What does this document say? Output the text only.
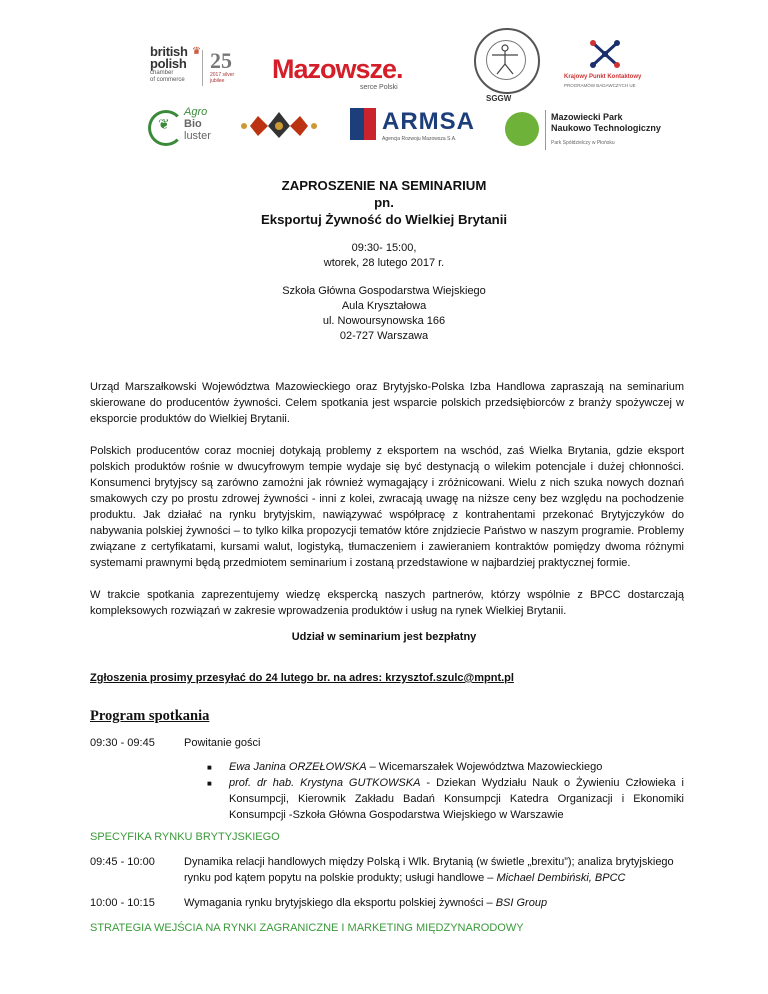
british
polish
chamber
of commerce
♛ 25
2017 silver jubilee	Mazowsze.
serce Polski
SGGW
Krajowy Punkt Kontaktowy
PROGRAMÓW BADAWCZYCH UE
❦
Agro
Bio
luster
ARMSA
Agencja Rozwoju Mazowsza S.A.
Mazowiecki Park
Naukowo Technologiczny
Park Spółdzielczy w Płońsku
ZAPROSZENIE NA SEMINARIUM
pn.
Eksportuj Żywność do Wielkiej Brytanii
09:30- 15:00,
wtorek, 28 lutego 2017 r.
Szkoła Główna Gospodarstwa Wiejskiego
Aula Kryształowa
ul. Nowoursynowska 166
02-727 Warszawa
Urząd Marszałkowski Województwa Mazowieckiego oraz Brytyjsko-Polska Izba Handlowa zapraszają na seminarium skierowane do producentów żywności. Celem spotkania jest wsparcie polskich przedsiębiorców z branży spożywczej w eksporcie produktów do Wielkiej Brytanii.
Polskich producentów coraz mocniej dotykają problemy z eksportem na wschód, zaś Wielka Brytania, gdzie eksport polskich produktów rośnie w dwucyfrowym tempie wydaje się być destynacją o wilekim potencjale i dużej chłonności. Konsumenci brytyjscy są zarówno zamożni jak również wymagający i zróżnicowani. Wielu z nich szuka nowych doznań smakowych czy po prostu zdrowej żywności - inni z kolei, zwracają uwagę na niższe ceny bez względu na pochodzenie produktu. Jak działać na rynku brytyjskim, nawiązywać współpracę z kontrahentami przekonać Brytyjczyków do nabywania polskiej żywności – to tylko kilka propozycji tematów które znjdziecie Państwo w naszym programie. Problemy związane z certyfikatami, kursami walut, logistyką, tłumaczeniem i zawieraniem kontraktów pomiędzy dwoma różnymi systemami prawnymi będą przedmiotem seminarium i zostaną przedstawione w najbardziej praktycznej formie.
W trakcie spotkania zaprezentujemy wiedzę ekspercką naszych partnerów, którzy wspólnie z BPCC dostarczają kompleksowych rozwiązań w zakresie wprowadzenia produktów i usług na rynek Wielkiej Brytanii.
Udział w seminarium jest bezpłatny
Zgłoszenia prosimy przesyłać do 24 lutego br. na adres: krzysztof.szulc@mpnt.pl
Program spotkania
09:30 - 09:45	Powitanie gości
■ Ewa Janina ORZEŁOWSKA – Wicemarszałek Województwa Mazowieckiego
■ prof. dr hab. Krystyna GUTKOWSKA - Dziekan Wydziału Nauk o Żywieniu Człowieka i Konsumpcji, Kierownik Zakładu Badań Konsumpcji Katedra Organizacji i Ekonomiki Konsumpcji -Szkoła Główna Gospodarstwa Wiejskiego w Warszawie
SPECYFIKA RYNKU BRYTYJSKIEGO
09:45 - 10:00	Dynamika relacji handlowych między Polską i Wlk. Brytanią (w świetle „brexitu”); analiza brytyjskiego rynku pod kątem popytu na polskie produkty; usługi handlowe – Michael Dembiński, BPCC
10:00 - 10:15	Wymagania rynku brytyjskiego dla eksportu polskiej żywności – BSI Group
STRATEGIA WEJŚCIA NA RYNKI ZAGRANICZNE I MARKETING MIĘDZYNARODOWY
